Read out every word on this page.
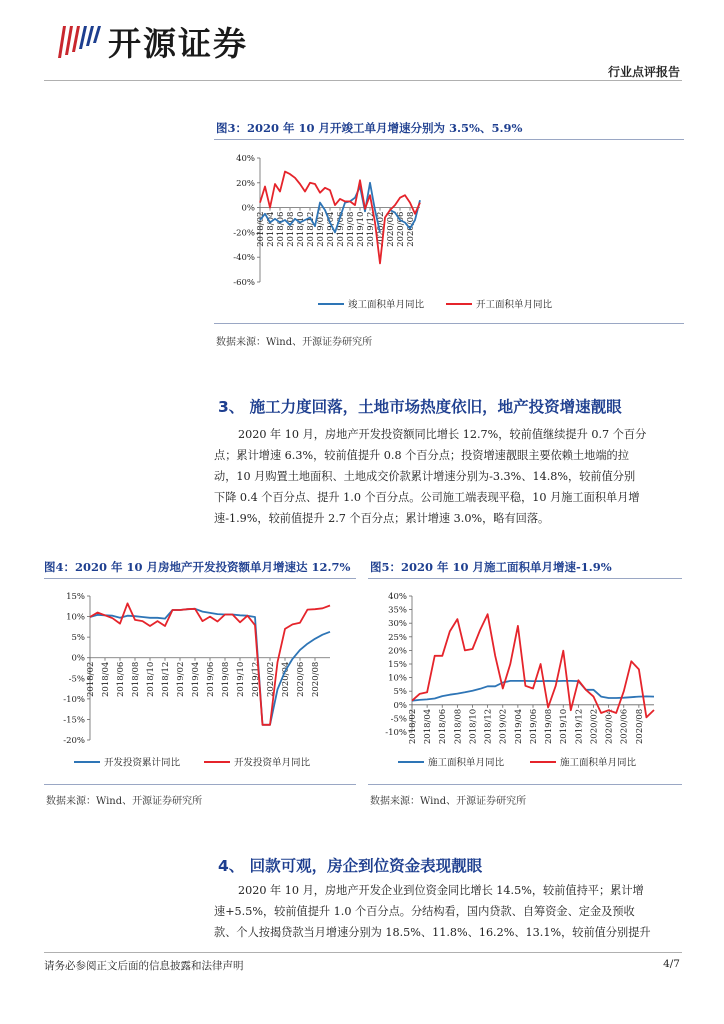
开源证券
行业点评报告
图3：2020 年 10 月开竣工单月增速分别为 3.5%、5.9%
40%
20%
0%
-20%
-40%
-60%
2018/02 2018/04 2018/06 2018/08 2018/10 2018/12 2019/02 2019/04 2019/06 2019/08 2019/10 2019/12 2020/02 2020/04 2020/06 2020/08
竣工面积单月同比	开工面积单月同比
数据来源：Wind、开源证券研究所
3、 施工力度回落，土地市场热度依旧，地产投资增速靓眼
2020 年 10 月，房地产开发投资额同比增长 12.7%，较前值继续提升 0.7 个百分
点；累计增速 6.3%，较前值提升 0.8 个百分点；投资增速靓眼主要依赖土地端的拉
动，10 月购置土地面积、土地成交价款累计增速分别为-3.3%、14.8%，较前值分别
下降 0.4 个百分点、提升 1.0 个百分点。公司施工端表现平稳，10 月施工面积单月增
速-1.9%，较前值提升 2.7 个百分点；累计增速 3.0%，略有回落。
图4：2020 年 10 月房地产开发投资额单月增速达 12.7%
15%
10%
5%
0%
-5%
-10%
-15%
-20%
2018/02 2018/04 2018/06 2018/08 2018/10 2018/12 2019/02 2019/04 2019/06 2019/08 2019/10 2019/12 2020/02 2020/04 2020/06 2020/08
开发投资累计同比	开发投资单月同比
数据来源：Wind、开源证券研究所
图5：2020 年 10 月施工面积单月增速-1.9%
40%
35%
30%
25%
20%
15%
10%
5%
0%
-5%
-10% 2018/02 2018/04 2018/06 2018/08 2018/10 2018/12 2019/02 2019/04 2019/06 2019/08 2019/10 2019/12 2020/02 2020/04 2020/06 2020/08
施工面积单月同比	施工面积单月同比
数据来源：Wind、开源证券研究所
4、 回款可观，房企到位资金表现靓眼
2020 年 10 月，房地产开发企业到位资金同比增长 14.5%，较前值持平；累计增
速+5.5%，较前值提升 1.0 个百分点。分结构看，国内贷款、自筹资金、定金及预收
款、个人按揭贷款当月增速分别为 18.5%、11.8%、16.2%、13.1%，较前值分别提升
请务必参阅正文后面的信息披露和法律声明	4/7
